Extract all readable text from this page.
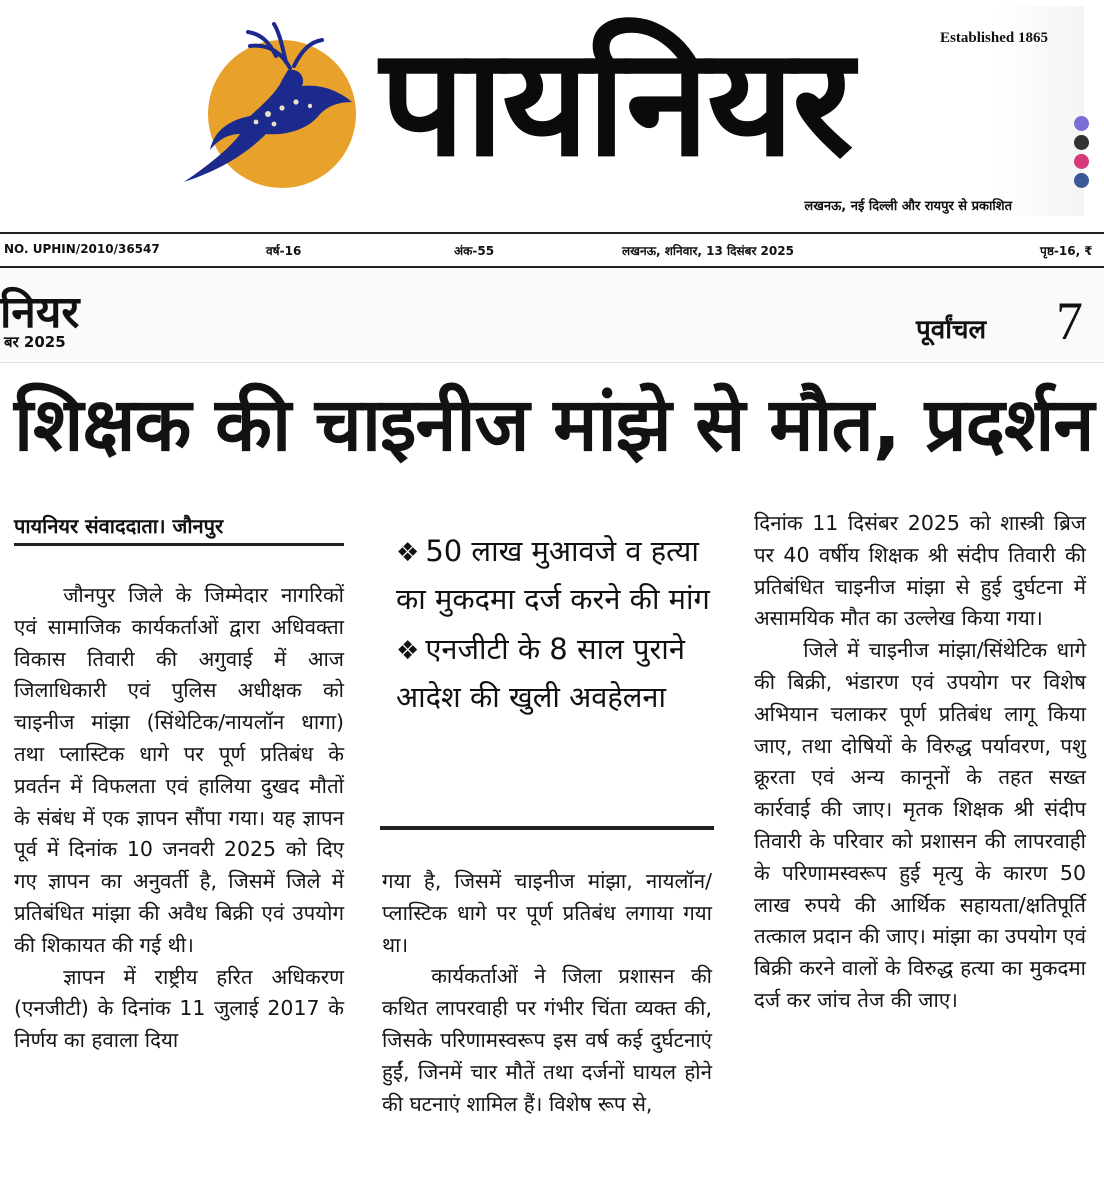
पायनियर	Established 1865
लखनऊ, नई दिल्ली और रायपुर से प्रकाशित
NO. UPHIN/2010/36547	वर्ष-16	अंक-55	लखनऊ, शनिवार, 13 दिसंबर 2025	पृष्ठ-16, ₹
नियर
बर 2025	पूर्वांचल 7
शिक्षक की चाइनीज मांझे से मौत, प्रदर्शन
पायनियर संवाददाता। जौनपुर

जौनपुर जिले के जिम्मेदार नागरिकों एवं सामाजिक कार्यकर्ताओं द्वारा अधिवक्ता विकास तिवारी की अगुवाई में आज जिलाधिकारी एवं पुलिस अधीक्षक को चाइनीज मांझा (सिंथेटिक/नायलॉन धागा) तथा प्लास्टिक धागे पर पूर्ण प्रतिबंध के प्रवर्तन में विफलता एवं हालिया दुखद मौतों के संबंध में एक ज्ञापन सौंपा गया। यह ज्ञापन पूर्व में दिनांक 10 जनवरी 2025 को दिए गए ज्ञापन का अनुवर्ती है, जिसमें जिले में प्रतिबंधित मांझा की अवैध बिक्री एवं उपयोग की शिकायत की गई थी।

ज्ञापन में राष्ट्रीय हरित अधिकरण (एनजीटी) के दिनांक 11 जुलाई 2017 के निर्णय का हवाला दिया

❖ 50 लाख मुआवजे व हत्या का मुकदमा दर्ज करने की मांग
❖ एनजीटी के 8 साल पुराने आदेश की खुली अवहेलना

गया है, जिसमें चाइनीज मांझा, नायलॉन/प्लास्टिक धागे पर पूर्ण प्रतिबंध लगाया गया था।

कार्यकर्ताओं ने जिला प्रशासन की कथित लापरवाही पर गंभीर चिंता व्यक्त की, जिसके परिणामस्वरूप इस वर्ष कई दुर्घटनाएं हुईं, जिनमें चार मौतें तथा दर्जनों घायल होने की घटनाएं शामिल हैं। विशेष रूप से,

दिनांक 11 दिसंबर 2025 को शास्त्री ब्रिज पर 40 वर्षीय शिक्षक श्री संदीप तिवारी की प्रतिबंधित चाइनीज मांझा से हुई दुर्घटना में असामयिक मौत का उल्लेख किया गया।

जिले में चाइनीज मांझा/सिंथेटिक धागे की बिक्री, भंडारण एवं उपयोग पर विशेष अभियान चलाकर पूर्ण प्रतिबंध लागू किया जाए, तथा दोषियों के विरुद्ध पर्यावरण, पशु क्रूरता एवं अन्य कानूनों के तहत सख्त कार्रवाई की जाए। मृतक शिक्षक श्री संदीप तिवारी के परिवार को प्रशासन की लापरवाही के परिणामस्वरूप हुई मृत्यु के कारण 50 लाख रुपये की आर्थिक सहायता/क्षतिपूर्ति तत्काल प्रदान की जाए। मांझा का उपयोग एवं बिक्री करने वालों के विरुद्ध हत्या का मुकदमा दर्ज कर जांच तेज की जाए।
